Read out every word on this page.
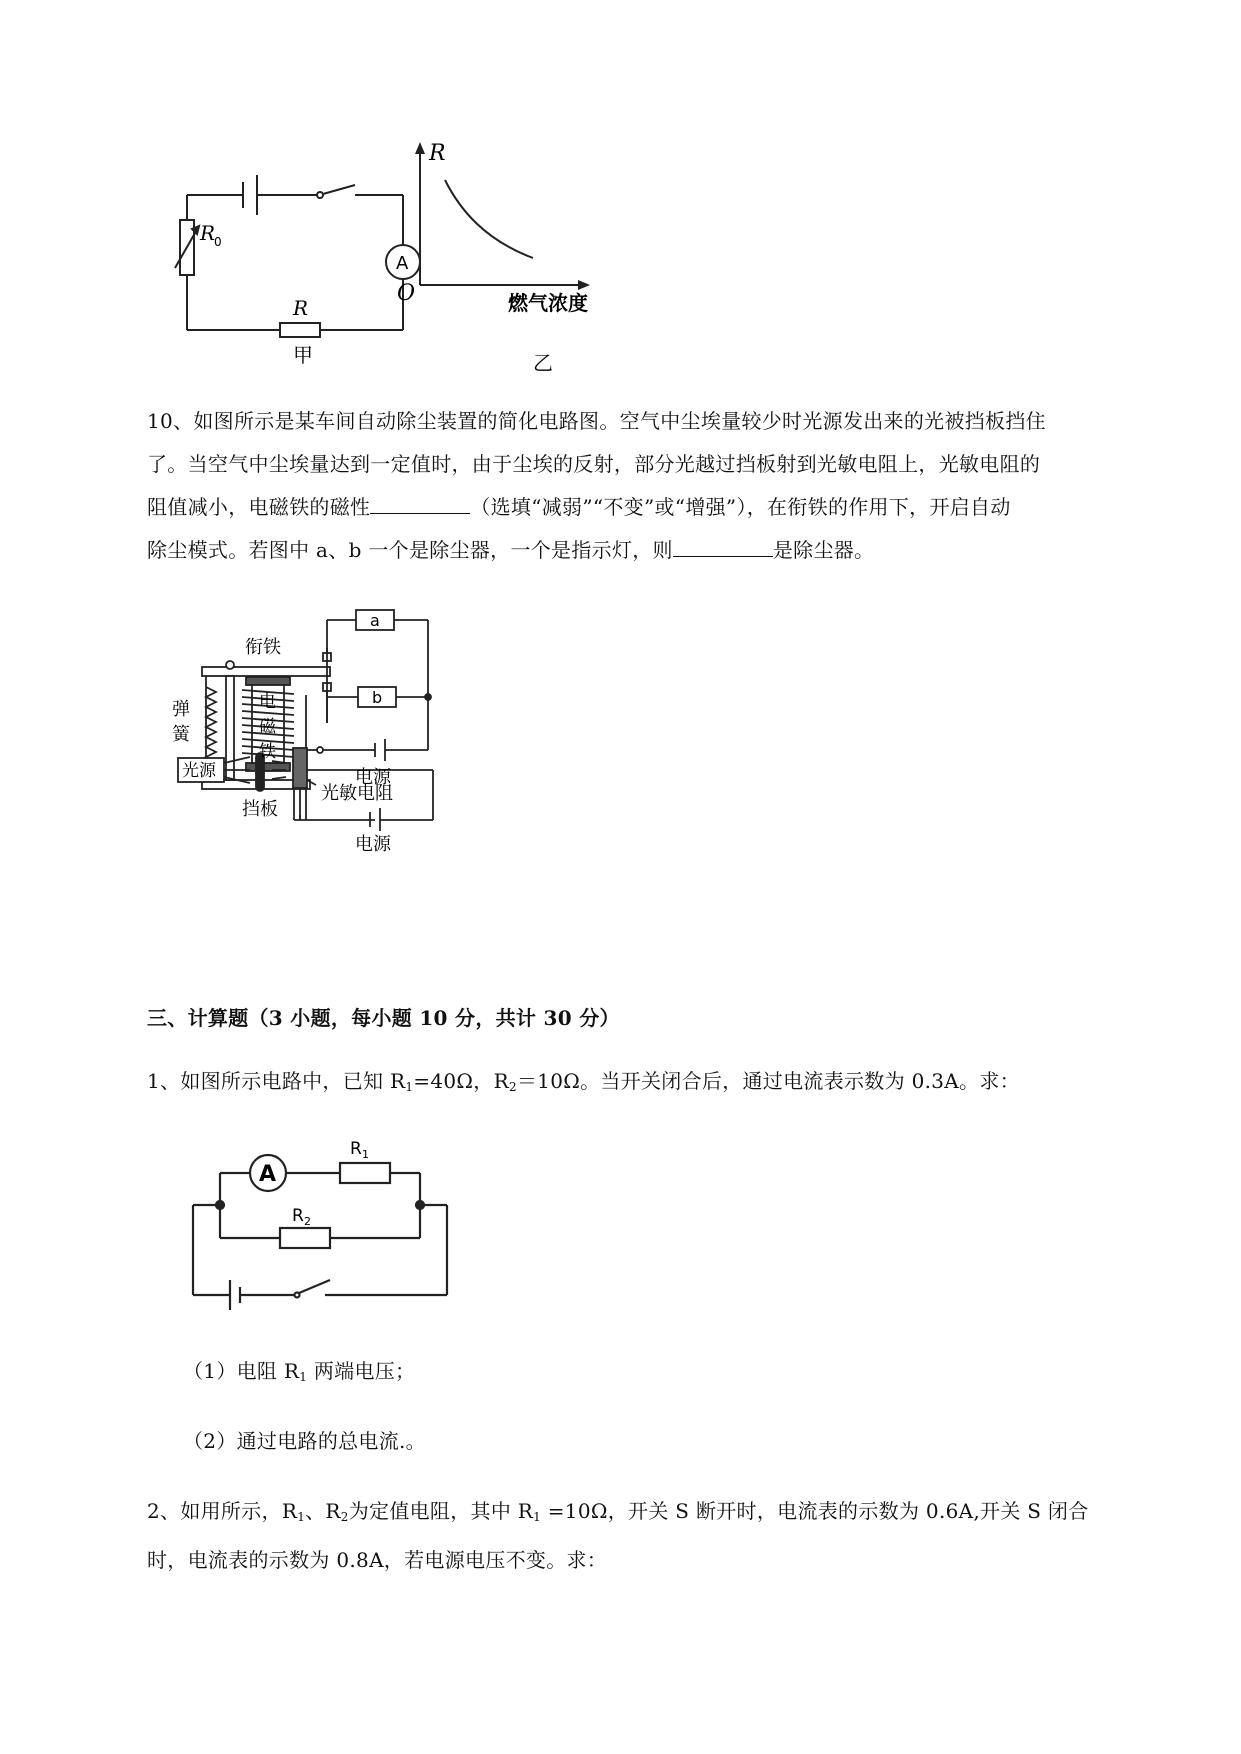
R
0
R
A
甲
R
O	燃气浓度
乙
10、如图所示是某车间自动除尘装置的简化电路图。空气中尘埃量较少时光源发出来的光被挡板挡住
了。当空气中尘埃量达到一定值时，由于尘埃的反射，部分光越过挡板射到光敏电阻上，光敏电阻的
阻值减小，电磁铁的磁性	（选填“减弱”“不变”或“增强”），在衔铁的作用下，开启自动
除尘模式。若图中 a、b 一个是除尘器，一个是指示灯，则	是除尘器。
衔铁
弹
簧
电
磁
铁
a
b
电源
光源
挡板
光敏电阻
电源
三、计算题（3 小题，每小题 10 分，共计 30 分）
1、如图所示电路中，已知 $R_1=40\Omega$，$R_2=10\Omega$。当开关闭合后，通过电流表示数为 0.3A。求：
A
R 1
R 2
（1）电阻 $R_1$ 两端电压；
（2）通过电路的总电流.。
2、如用所示，$R_1$、$R_2$为定值电阻，其中 $R_1 =10\Omega$，开关 S 断开时，电流表的示数为 0.6A,开关 S 闭合
时，电流表的示数为 0.8A，若电源电压不变。求：
